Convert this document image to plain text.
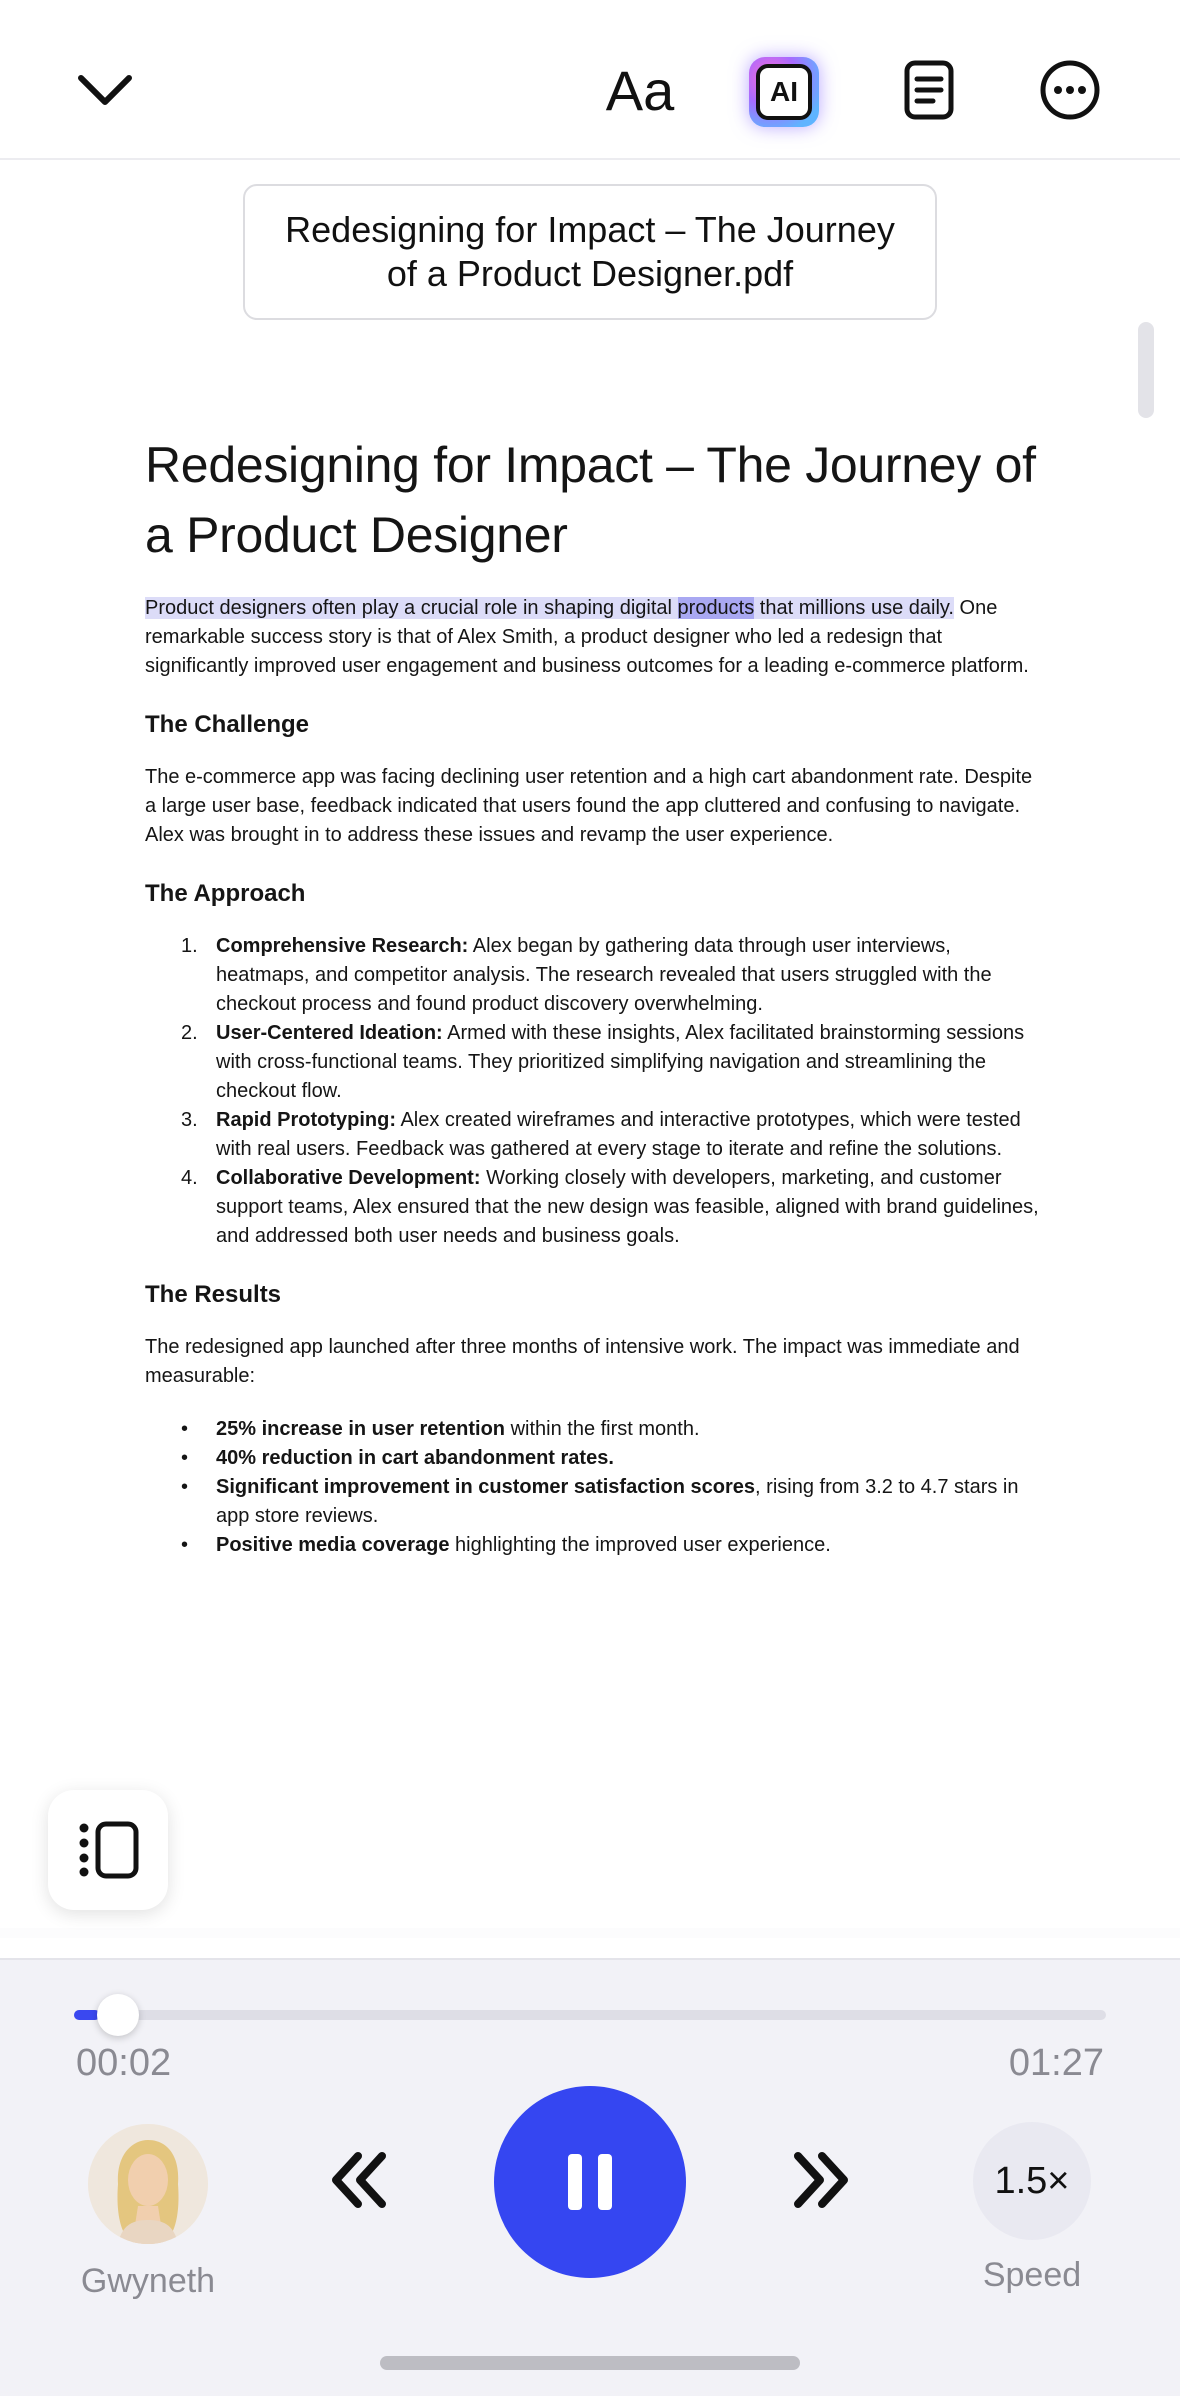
Aa	AI
Redesigning for Impact – The Journey of a Product Designer.pdf
Redesigning for Impact – The Journey of a Product Designer

Product designers often play a crucial role in shaping digital products that millions use daily. One remarkable success story is that of Alex Smith, a product designer who led a redesign that significantly improved user engagement and business outcomes for a leading e-commerce platform.

The Challenge

The e-commerce app was facing declining user retention and a high cart abandonment rate. Despite a large user base, feedback indicated that users found the app cluttered and confusing to navigate. Alex was brought in to address these issues and revamp the user experience.

The Approach
1. Comprehensive Research: Alex began by gathering data through user interviews, heatmaps, and competitor analysis. The research revealed that users struggled with the checkout process and found product discovery overwhelming.
2. User-Centered Ideation: Armed with these insights, Alex facilitated brainstorming sessions with cross-functional teams. They prioritized simplifying navigation and streamlining the checkout flow.
3. Rapid Prototyping: Alex created wireframes and interactive prototypes, which were tested with real users. Feedback was gathered at every stage to iterate and refine the solutions.
4. Collaborative Development: Working closely with developers, marketing, and customer support teams, Alex ensured that the new design was feasible, aligned with brand guidelines, and addressed both user needs and business goals.
The Results

The redesigned app launched after three months of intensive work. The impact was immediate and measurable:

• 25% increase in user retention within the first month.
• 40% reduction in cart abandonment rates.
• Significant improvement in customer satisfaction scores, rising from 3.2 to 4.7 stars in app store reviews.
• Positive media coverage highlighting the improved user experience.
00:02	01:27
Gwyneth
1.5×
Speed
